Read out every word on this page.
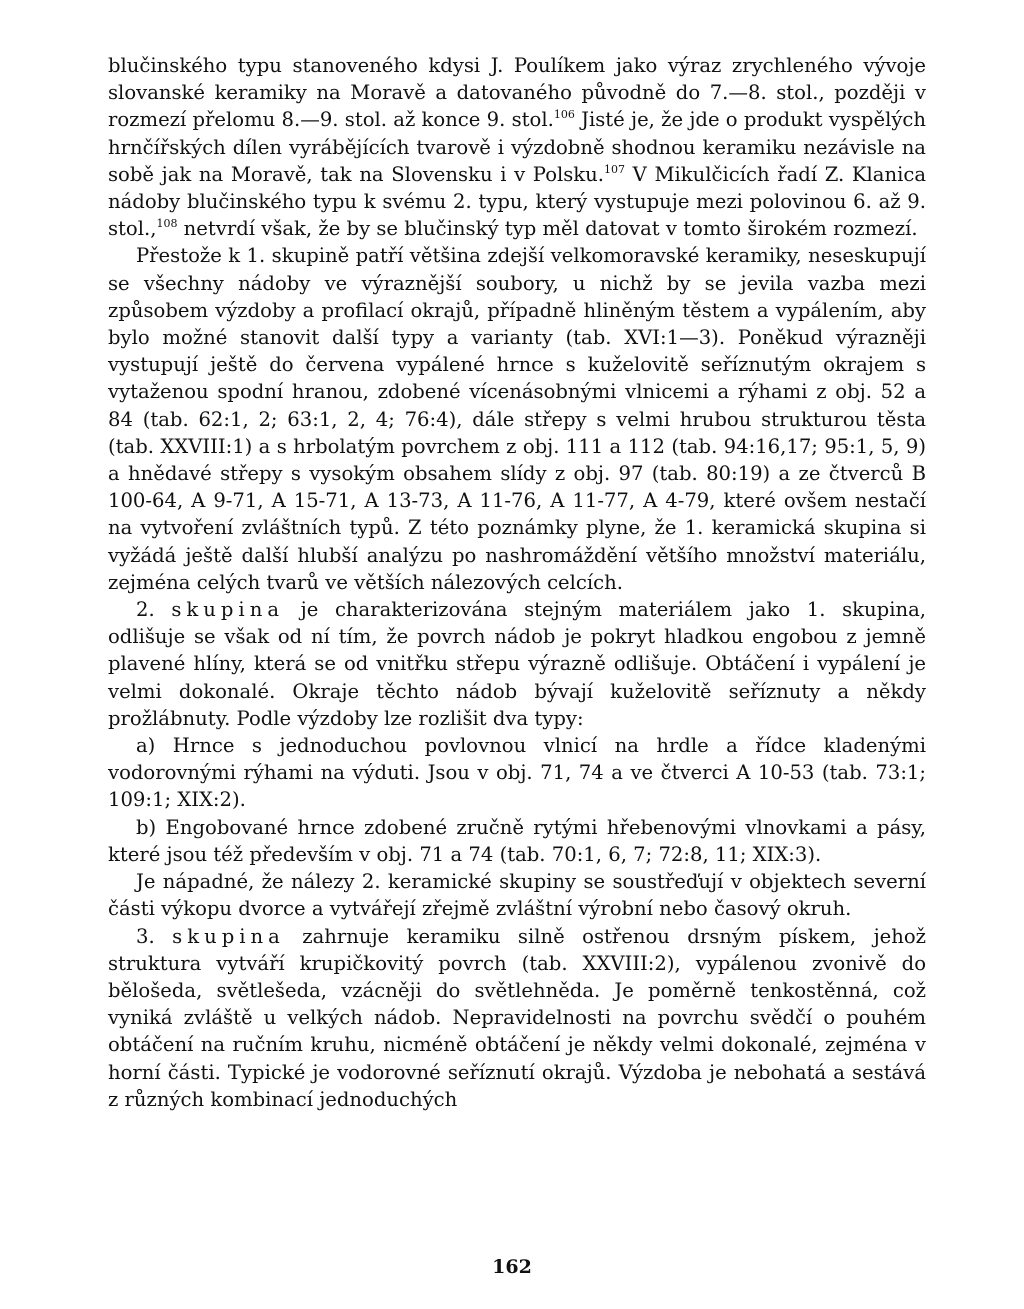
blučinského typu stanoveného kdysi J. Poulíkem jako výraz zrychleného vývoje slovanské keramiky na Moravě a datovaného původně do 7.—8. stol., později v rozmezí přelomu 8.—9. stol. až konce 9. stol.$^{106}$ Jisté je, že jde o produkt vyspělých hrnčířských dílen vyrábějících tvarově i výzdobně shodnou keramiku nezávisle na sobě jak na Moravě, tak na Slovensku i v Polsku.$^{107}$ V Mikulčicích řadí Z. Klanica nádoby blučinského typu k svému 2. typu, který vystupuje mezi polovinou 6. až 9. stol.,$^{108}$ netvrdí však, že by se blučinský typ měl datovat v tomto širokém rozmezí.

Přestože k 1. skupině patří většina zdejší velkomoravské keramiky, neseskupují se všechny nádoby ve výraznější soubory, u nichž by se jevila vazba mezi způsobem výzdoby a profilací okrajů, případně hliněným těstem a vypálením, aby bylo možné stanovit další typy a varianty (tab. XVI:1—3). Poněkud výrazněji vystupují ještě do červena vypálené hrnce s kuželovitě seříznutým okrajem s vytaženou spodní hranou, zdobené vícenásobnými vlnicemi a rýhami z obj. 52 a 84 (tab. 62:1, 2; 63:1, 2, 4; 76:4), dále střepy s velmi hrubou strukturou těsta (tab. XXVIII:1) a s hrbolatým povrchem z obj. 111 a 112 (tab. 94:16,17; 95:1, 5, 9) a hnědavé střepy s vysokým obsahem slídy z obj. 97 (tab. 80:19) a ze čtverců B 100-64, A 9-71, A 15-71, A 13-73, A 11-76, A 11-77, A 4-79, které ovšem nestačí na vytvoření zvláštních typů. Z této poznámky plyne, že 1. keramická skupina si vyžádá ještě další hlubší analýzu po nashromáždění většího množství materiálu, zejména celých tvarů ve větších nálezových celcích.

2. skupina je charakterizována stejným materiálem jako 1. skupina, odlišuje se však od ní tím, že povrch nádob je pokryt hladkou engobou z jemně plavené hlíny, která se od vnitřku střepu výrazně odlišuje. Obtáčení i vypálení je velmi dokonalé. Okraje těchto nádob bývají kuželovitě seříznuty a někdy prožlábnuty. Podle výzdoby lze rozlišit dva typy:

a) Hrnce s jednoduchou povlovnou vlnicí na hrdle a řídce kladenými vodorovnými rýhami na výduti. Jsou v obj. 71, 74 a ve čtverci A 10-53 (tab. 73:1; 109:1; XIX:2).

b) Engobované hrnce zdobené zručně rytými hřebenovými vlnovkami a pásy, které jsou též především v obj. 71 a 74 (tab. 70:1, 6, 7; 72:8, 11; XIX:3).

Je nápadné, že nálezy 2. keramické skupiny se soustřeďují v objektech severní části výkopu dvorce a vytvářejí zřejmě zvláštní výrobní nebo časový okruh.

3. skupina zahrnuje keramiku silně ostřenou drsným pískem, jehož struktura vytváří krupičkovitý povrch (tab. XXVIII:2), vypálenou zvonivě do bělošeda, světlešeda, vzácněji do světlehněda. Je poměrně tenkostěnná, což vyniká zvláště u velkých nádob. Nepravidelnosti na povrchu svědčí o pouhém obtáčení na ručním kruhu, nicméně obtáčení je někdy velmi dokonalé, zejména v horní části. Typické je vodorovné seříznutí okrajů. Výzdoba je nebohatá a sestává z různých kombinací jednoduchých

162
